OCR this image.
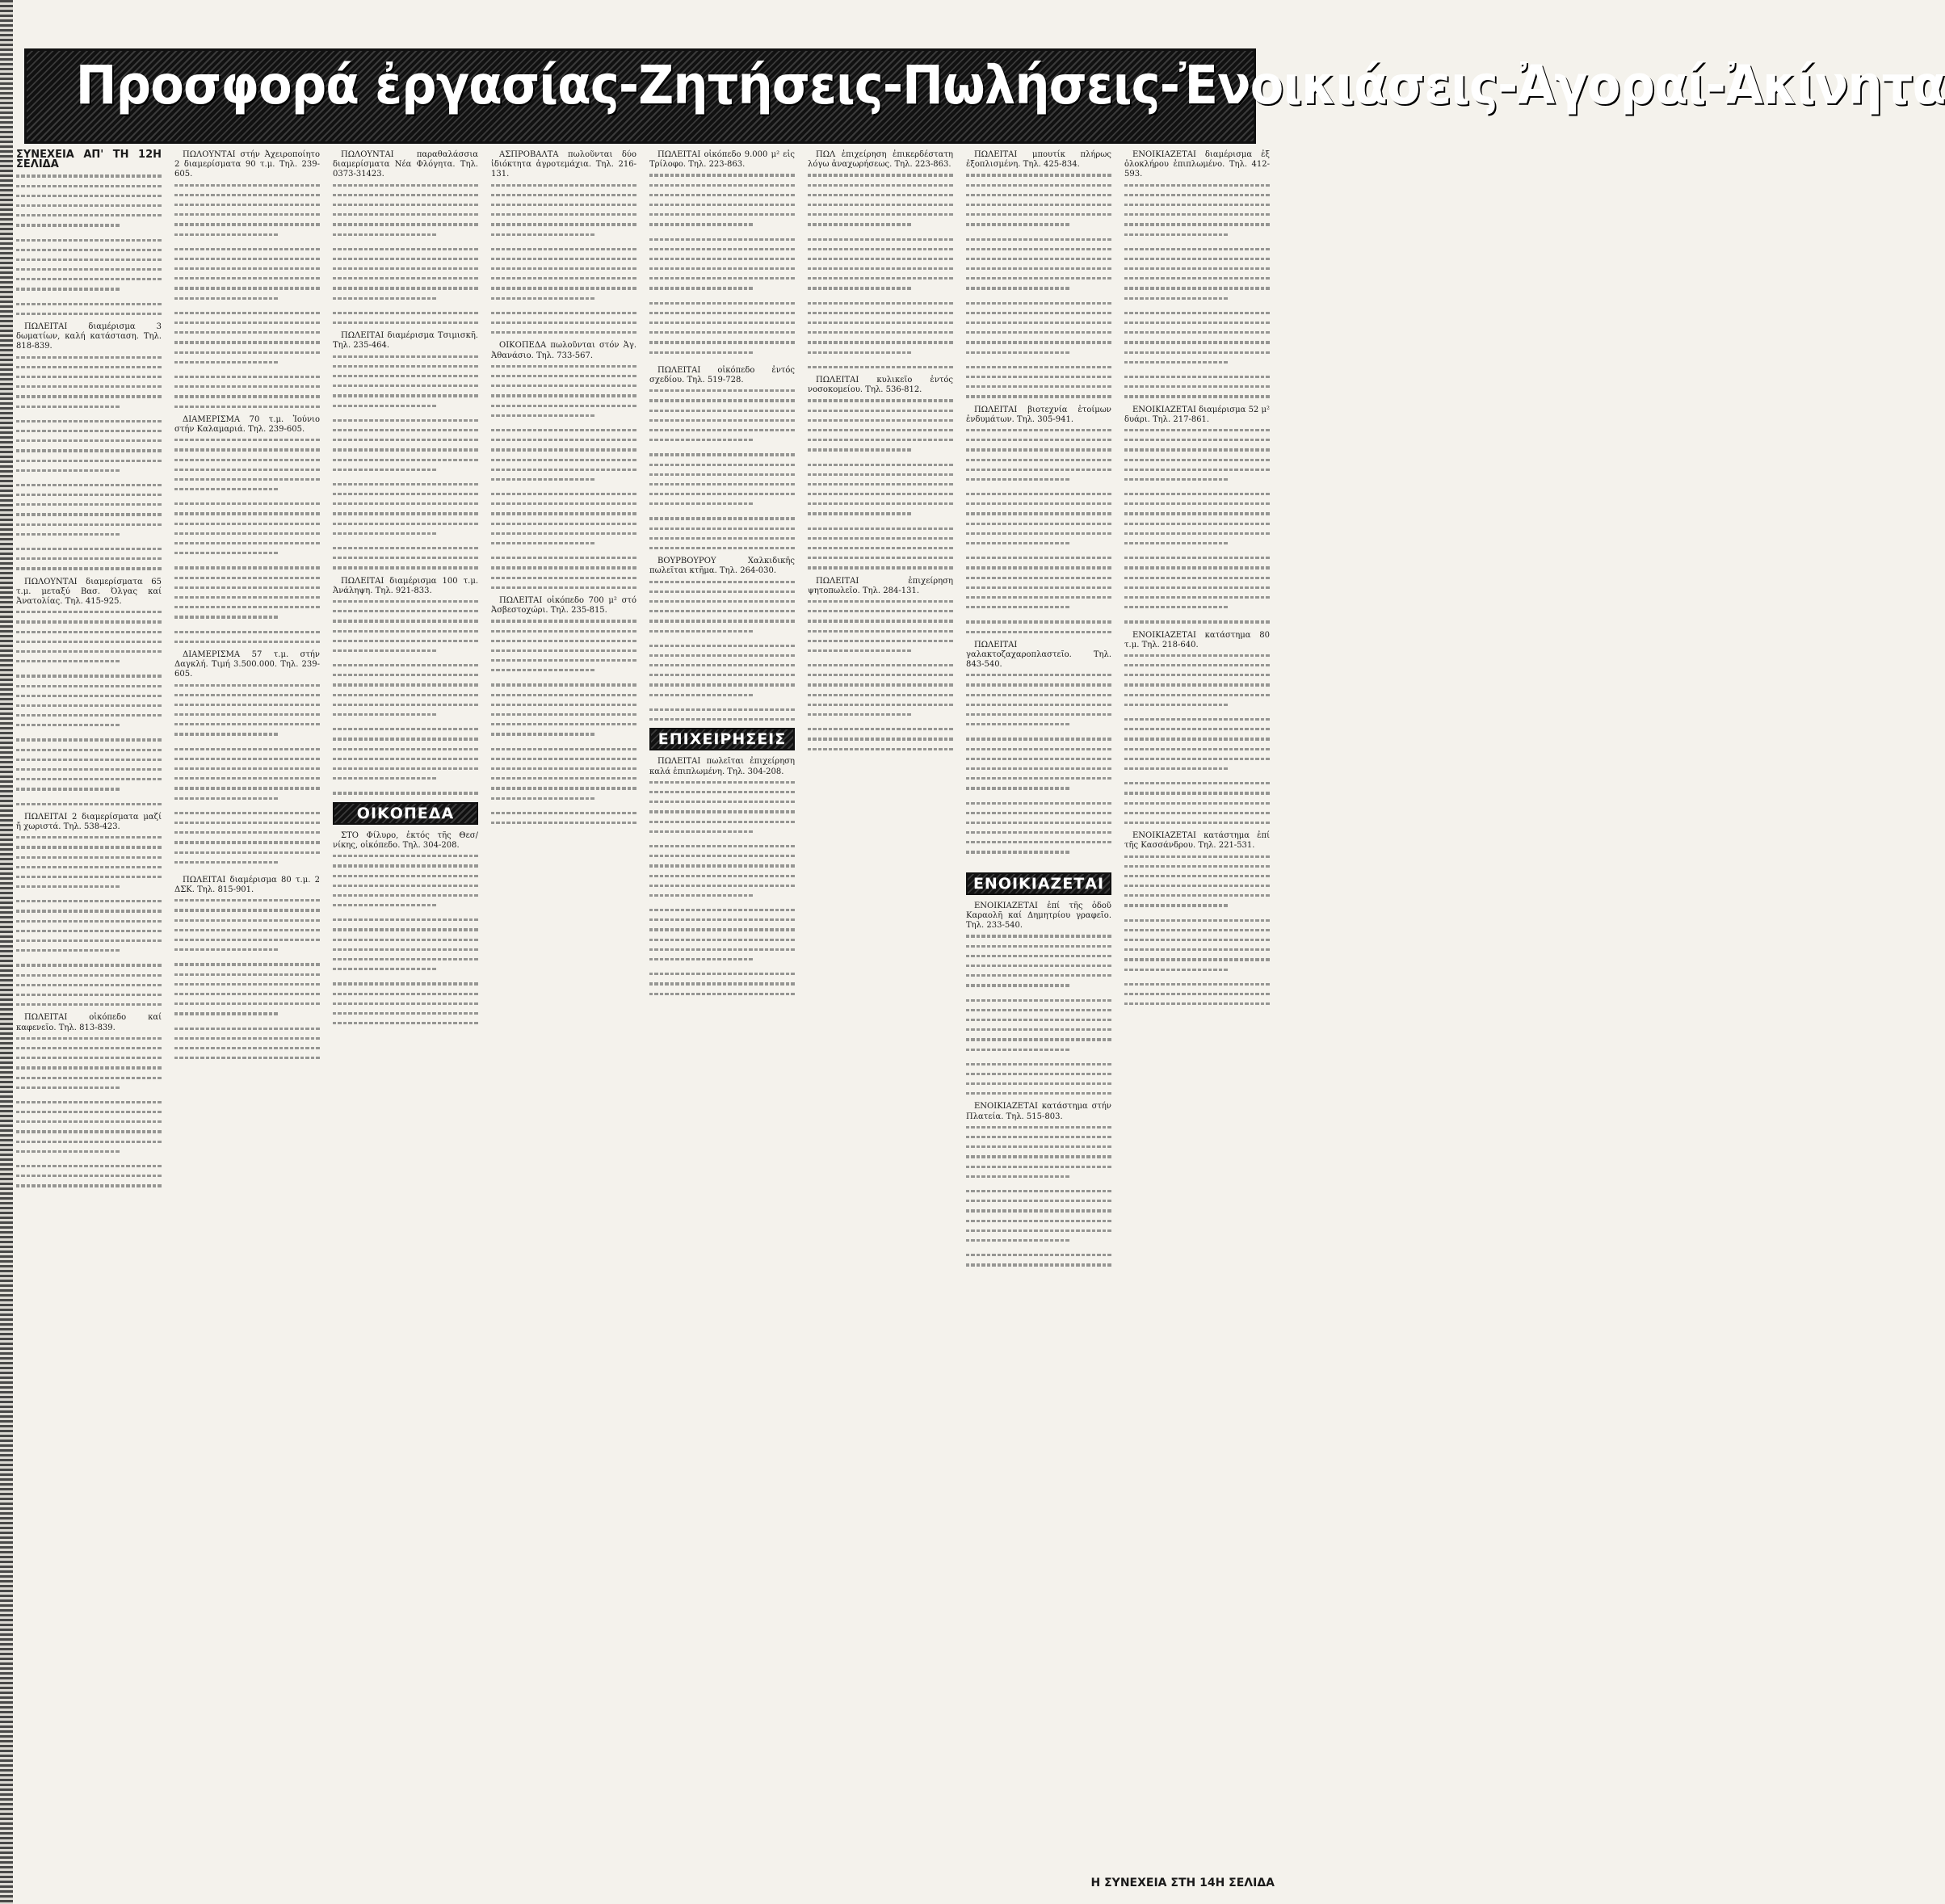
Προσφορά ἐργασίας-Ζητήσεις-Πωλήσεις-Ἐνοικιάσεις-Ἀγοραί-Ἀκίνητα
ΣΥΝΕΧΕΙΑ ΑΠ' ΤΗ 12Η ΣΕΛΙΔΑ

ΠΩΛΕΙΤΑΙ διαμέρισμα 3 δωματίων, καλή κατάσταση. Τηλ. 818-839.

ΠΩΛΟΥΝΤΑΙ διαμερίσματα 65 τ.μ. μεταξύ Βασ. Όλγας καί Ἀνατολίας. Τηλ. 415-925.

ΠΩΛΕΙΤΑΙ 2 διαμερίσματα μαζί ἤ χωριστά. Τηλ. 538-423.

ΠΩΛΕΙΤΑΙ οἰκόπεδο καί καφενεῖο. Τηλ. 813-839.

ΠΩΛΟΥΝΤΑΙ στήν Ἀχειροποίητο 2 διαμερίσματα 90 τ.μ. Τηλ. 239-605.

ΔΙΑΜΕΡΙΣΜΑ 70 τ.μ. Ἰούνιο στήν Καλαμαριά. Τηλ. 239-605.

ΔΙΑΜΕΡΙΣΜΑ 57 τ.μ. στήν Δαγκλή. Τιμή 3.500.000. Τηλ. 239-605.

ΠΩΛΕΙΤΑΙ διαμέρισμα 80 τ.μ. 2 ΔΣΚ. Τηλ. 815-901.

ΠΩΛΟΥΝΤΑΙ παραθαλάσσια διαμερίσματα Νέα Φλόγητα. Τηλ. 0373-31423.

ΠΩΛΕΙΤΑΙ διαμέρισμα Τσιμισκῆ. Τηλ. 235-464.

ΠΩΛΕΙΤΑΙ διαμέρισμα 100 τ.μ. Ἀνάληψη. Τηλ. 921-833.

ΟΙΚΟΠΕΔΑ

ΣΤΟ Φίλυρο, ἐκτός τῆς Θεσ/νίκης, οἰκόπεδο. Τηλ. 304-208.

ΑΣΠΡΟΒΑΛΤΑ πωλοῦνται δύο ἰδιόκτητα ἀγροτεμάχια. Τηλ. 216-131.

ΟΙΚΟΠΕΔΑ πωλοῦνται στόν Ἀγ. Ἀθανάσιο. Τηλ. 733-567.

ΠΩΛΕΙΤΑΙ οἰκόπεδο 700 μ² στό Ἀσβεστοχώρι. Τηλ. 235-815.

ΠΩΛΕΙΤΑΙ οἰκόπεδο 9.000 μ² εἰς Τρίλοφο. Τηλ. 223-863.

ΠΩΛΕΙΤΑΙ οἰκόπεδο ἐντός σχεδίου. Τηλ. 519-728.

ΒΟΥΡΒΟΥΡΟΥ Χαλκιδικῆς πωλεῖται κτῆμα. Τηλ. 264-030.

ΕΠΙΧΕΙΡΗΣΕΙΣ

ΠΩΛΕΙΤΑΙ πωλεῖται ἐπιχείρηση καλά ἐπιπλωμένη. Τηλ. 304-208.

ΠΩΛ ἐπιχείρηση ἐπικερδέστατη λόγω ἀναχωρήσεως. Τηλ. 223-863.

ΠΩΛΕΙΤΑΙ κυλικεῖο ἐντός νοσοκομείου. Τηλ. 536-812.

ΠΩΛΕΙΤΑΙ ἐπιχείρηση ψητοπωλεῖο. Τηλ. 284-131.

ΠΩΛΕΙΤΑΙ μπουτίκ πλήρως ἐξοπλισμένη. Τηλ. 425-834.

ΠΩΛΕΙΤΑΙ βιοτεχνία ἑτοίμων ἐνδυμάτων. Τηλ. 305-941.

ΠΩΛΕΙΤΑΙ γαλακτοζαχαροπλαστεῖο. Τηλ. 843-540.

ΕΝΟΙΚΙΑΖΕΤΑΙ

ΕΝΟΙΚΙΑΖΕΤΑΙ ἐπί τῆς ὁδοῦ Καραολῆ καί Δημητρίου γραφεῖο. Τηλ. 233-540.

ΕΝΟΙΚΙΑΖΕΤΑΙ κατάστημα στήν Πλατεία. Τηλ. 515-803.

ΕΝΟΙΚΙΑΖΕΤΑΙ διαμέρισμα ἐξ ὁλοκλήρου ἐπιπλωμένο. Τηλ. 412-593.

ΕΝΟΙΚΙΑΖΕΤΑΙ διαμέρισμα 52 μ² δυάρι. Τηλ. 217-861.

ΕΝΟΙΚΙΑΖΕΤΑΙ κατάστημα 80 τ.μ. Τηλ. 218-640.

ΕΝΟΙΚΙΑΖΕΤΑΙ κατάστημα ἐπί τῆς Κασσάνδρου. Τηλ. 221-531.

Η ΣΥΝΕΧΕΙΑ ΣΤΗ 14Η ΣΕΛΙΔΑ
